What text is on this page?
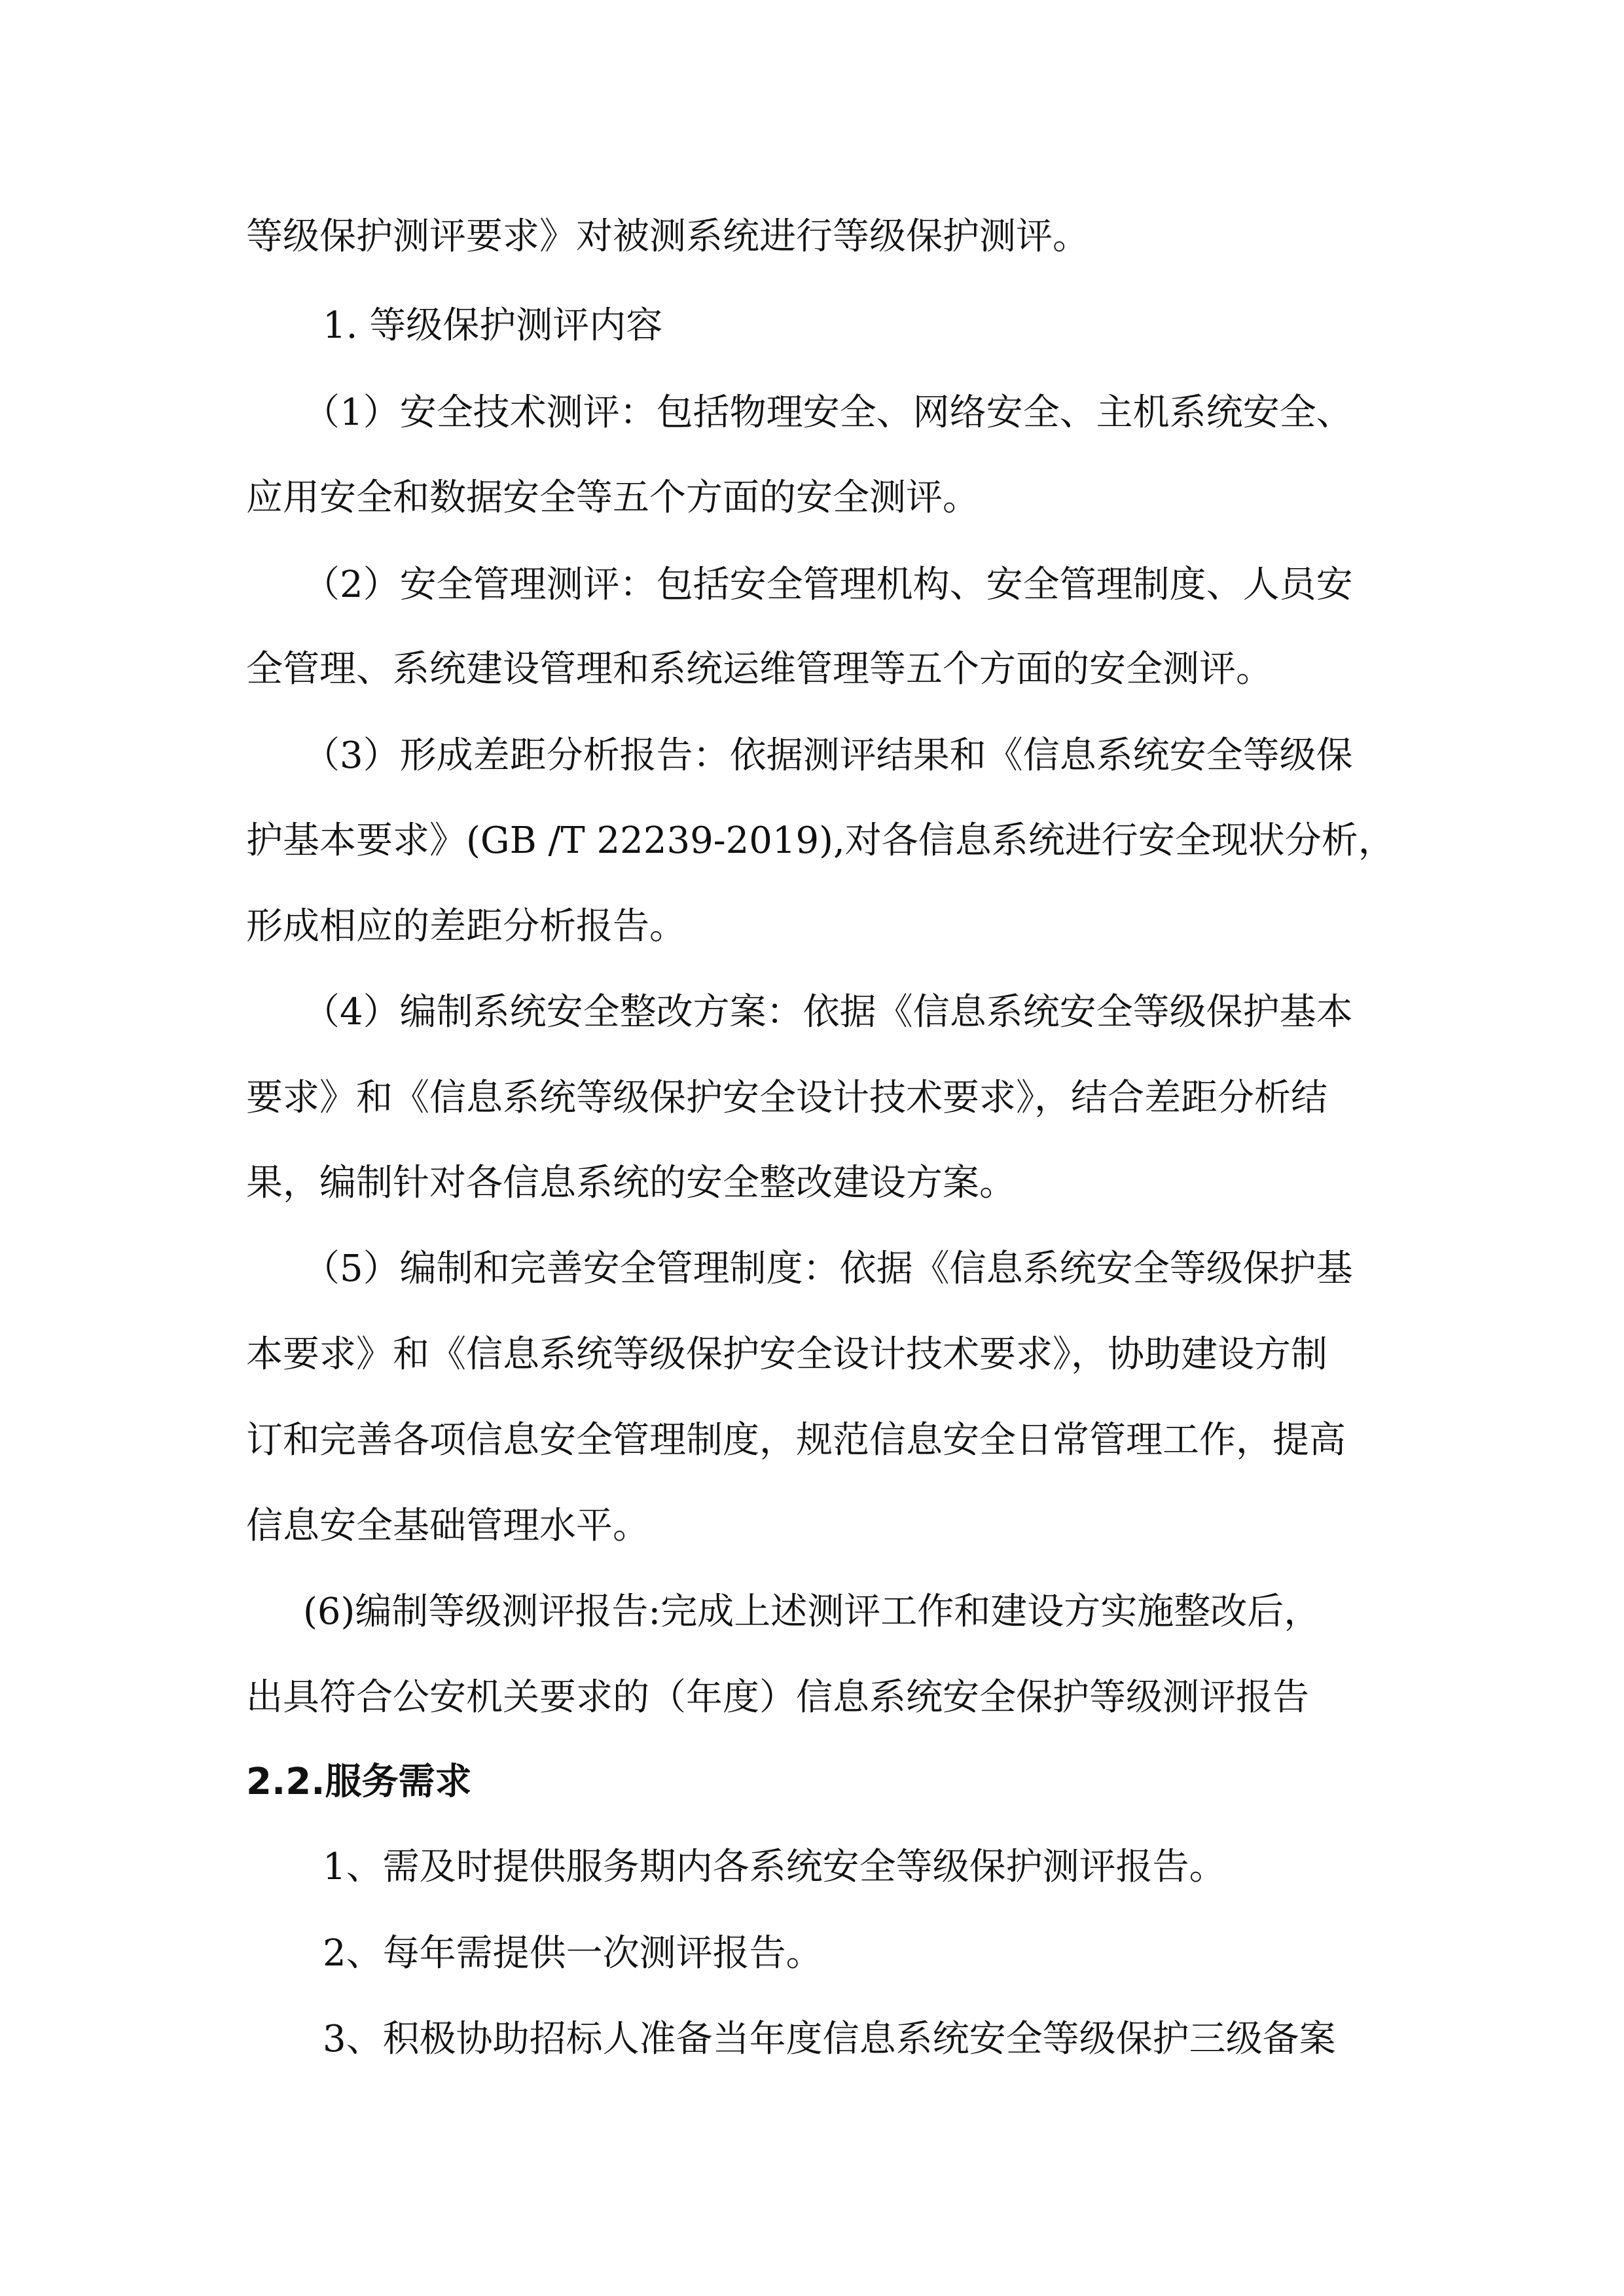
等级保护测评要求》对被测系统进行等级保护测评。
1. 等级保护测评内容
（1）安全技术测评：包括物理安全、网络安全、主机系统安全、
应用安全和数据安全等五个方面的安全测评。
（2）安全管理测评：包括安全管理机构、安全管理制度、人员安
全管理、系统建设管理和系统运维管理等五个方面的安全测评。
（3）形成差距分析报告：依据测评结果和《信息系统安全等级保
护基本要求》(GB /T 22239-2019),对各信息系统进行安全现状分析，
形成相应的差距分析报告。
（4）编制系统安全整改方案：依据《信息系统安全等级保护基本
要求》和《信息系统等级保护安全设计技术要求》，结合差距分析结
果，编制针对各信息系统的安全整改建设方案。
（5）编制和完善安全管理制度：依据《信息系统安全等级保护基
本要求》和《信息系统等级保护安全设计技术要求》，协助建设方制
订和完善各项信息安全管理制度，规范信息安全日常管理工作，提高
信息安全基础管理水平。
(6)编制等级测评报告:完成上述测评工作和建设方实施整改后，
出具符合公安机关要求的（年度）信息系统安全保护等级测评报告
2.2.服务需求
1、需及时提供服务期内各系统安全等级保护测评报告。
2、每年需提供一次测评报告。
3、积极协助招标人准备当年度信息系统安全等级保护三级备案
